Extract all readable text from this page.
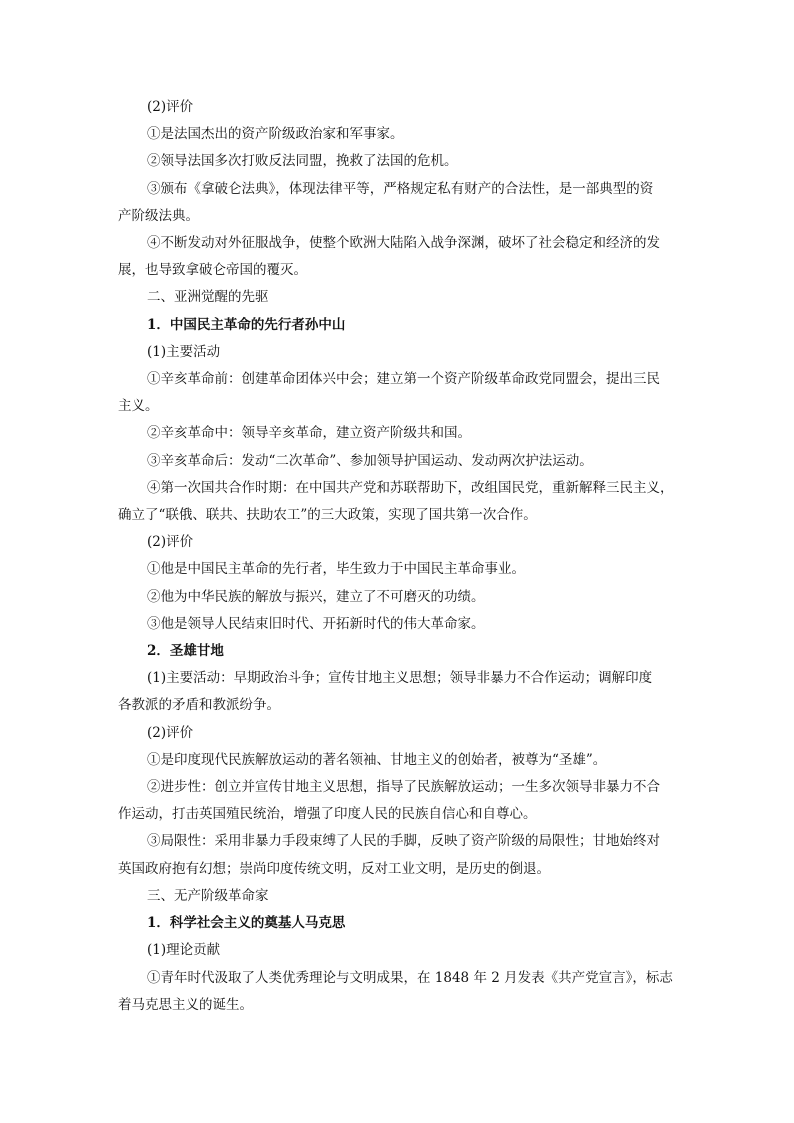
(2)评价
①是法国杰出的资产阶级政治家和军事家。
②领导法国多次打败反法同盟，挽救了法国的危机。
③颁布《拿破仑法典》，体现法律平等，严格规定私有财产的合法性，是一部典型的资
产阶级法典。
④不断发动对外征服战争，使整个欧洲大陆陷入战争深渊，破坏了社会稳定和经济的发
展，也导致拿破仑帝国的覆灭。
二、亚洲觉醒的先驱
1．中国民主革命的先行者孙中山
(1)主要活动
①辛亥革命前：创建革命团体兴中会；建立第一个资产阶级革命政党同盟会，提出三民
主义。
②辛亥革命中：领导辛亥革命，建立资产阶级共和国。
③辛亥革命后：发动“二次革命”、参加领导护国运动、发动两次护法运动。
④第一次国共合作时期：在中国共产党和苏联帮助下，改组国民党，重新解释三民主义，
确立了“联俄、联共、扶助农工”的三大政策，实现了国共第一次合作。
(2)评价
①他是中国民主革命的先行者，毕生致力于中国民主革命事业。
②他为中华民族的解放与振兴，建立了不可磨灭的功绩。
③他是领导人民结束旧时代、开拓新时代的伟大革命家。
2．圣雄甘地
(1)主要活动：早期政治斗争；宣传甘地主义思想；领导非暴力不合作运动；调解印度
各教派的矛盾和教派纷争。
(2)评价
①是印度现代民族解放运动的著名领袖、甘地主义的创始者，被尊为“圣雄”。
②进步性：创立并宣传甘地主义思想，指导了民族解放运动；一生多次领导非暴力不合
作运动，打击英国殖民统治，增强了印度人民的民族自信心和自尊心。
③局限性：采用非暴力手段束缚了人民的手脚，反映了资产阶级的局限性；甘地始终对
英国政府抱有幻想；崇尚印度传统文明，反对工业文明，是历史的倒退。
三、无产阶级革命家
1．科学社会主义的奠基人马克思
(1)理论贡献
①青年时代汲取了人类优秀理论与文明成果，在 1848 年 2 月发表《共产党宣言》，标志
着马克思主义的诞生。
